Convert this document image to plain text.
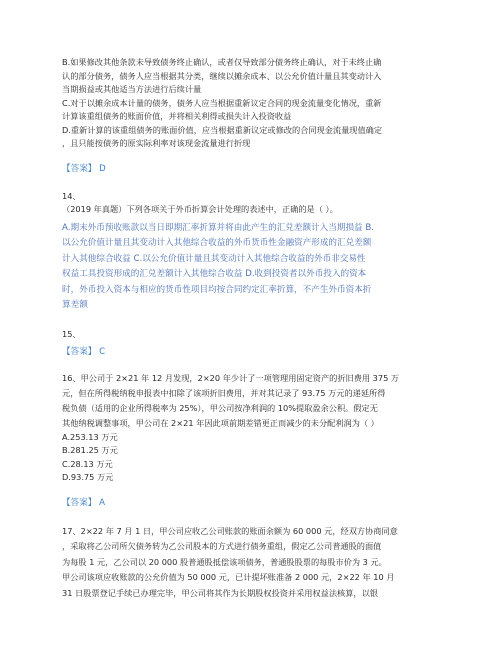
B.如果修改其他条款未导致债务终止确认，或者仅导致部分债务终止确认，对于未终止确
认的部分债务，债务人应当根据其分类，继续以摊余成本、以公允价值计量且其变动计入
当期损益或其他适当方法进行后续计量
C.对于以摊余成本计量的债务，债务人应当根据重新议定合同的现金流量变化情况，重新
计算该重组债务的账面价值，并将相关利得或损失计入投资收益
D.重新计算的该重组债务的账面价值，应当根据重新议定或修改的合同现金流量现值确定
，且只能按债务的原实际利率对该现金流量进行折现
【答案】 D
14、
（2019 年真题）下列各项关于外币折算会计处理的表述中，正确的是（ ）。
A.期末外币预收账款以当日即期汇率折算并将由此产生的汇兑差额计入当期损益 B.
以公允价值计量且其变动计入其他综合收益的外币货币性金融资产形成的汇兑差额
计入其他综合收益 C.以公允价值计量且其变动计入其他综合收益的外币非交易性
权益工具投资形成的汇兑差额计入其他综合收益 D.收到投资者以外币投入的资本
时，外币投入资本与相应的货币性项目均按合同约定汇率折算，不产生外币资本折
算差额
15、
【答案】 C
16、甲公司于 2×21 年 12 月发现，2×20 年少计了一项管理用固定资产的折旧费用 375 万
元，但在所得税纳税申报表中扣除了该项折旧费用，并对其记录了 93.75 万元的递延所得
税负债（适用的企业所得税率为 25%），甲公司按净利润的 10%提取盈余公积。假定无
其他纳税调整事项，甲公司在 2×21 年因此项前期差错更正而减少的未分配利润为（ ）
A.253.13 万元
B.281.25 万元
C.28.13 万元
D.93.75 万元
【答案】 A
17、2×22 年 7 月 1 日，甲公司应收乙公司账款的账面余额为 60 000 元，经双方协商同意
，采取将乙公司所欠债务转为乙公司股本的方式进行债务重组，假定乙公司普通股的面值
为每股 1 元，乙公司以 20 000 股普通股抵偿该项债务，普通股股票的每股市价为 3 元。
甲公司该项应收账款的公允价值为 50 000 元，已计提坏账准备 2 000 元，2×22 年 10 月
31 日股票登记手续已办理完毕，甲公司将其作为长期股权投资并采用权益法核算，以银
